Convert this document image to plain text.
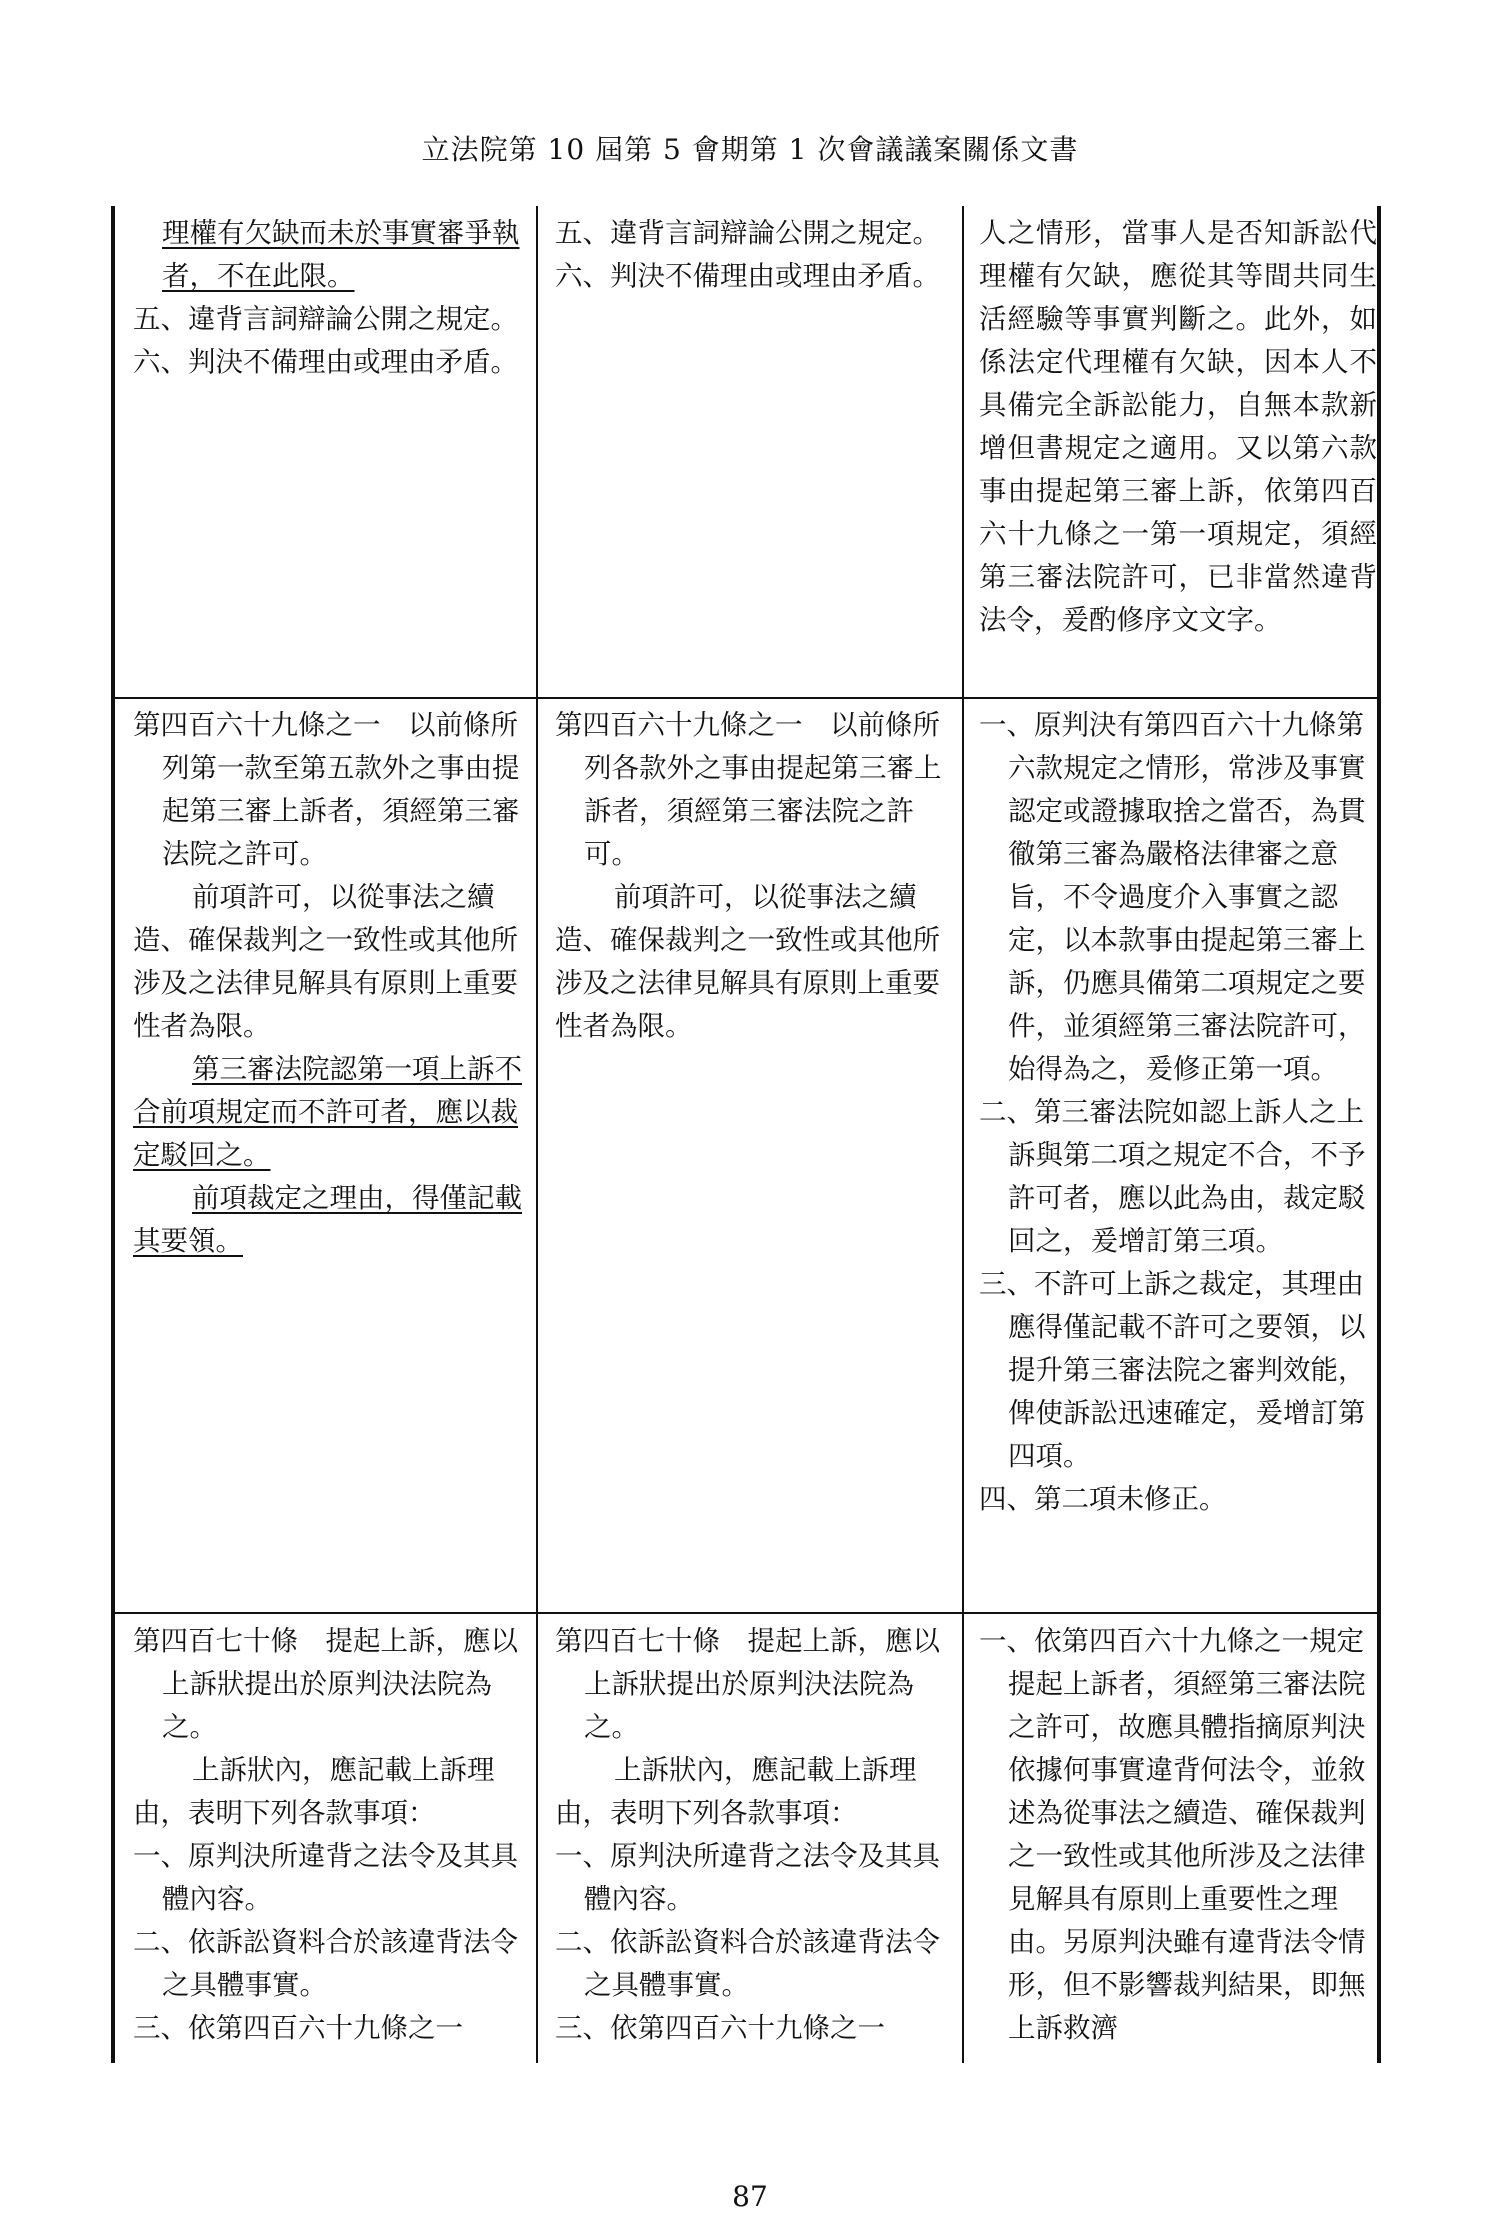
立法院第 10 屆第 5 會期第 1 次會議議案關係文書

理權有欠缺而未於事實審爭執者，不在此限。

五、違背言詞辯論公開之規定。

六、判決不備理由或理由矛盾。

五、違背言詞辯論公開之規定。

六、判決不備理由或理由矛盾。

人之情形，當事人是否知訴訟代理權有欠缺，應從其等間共同生活經驗等事實判斷之。此外，如係法定代理權有欠缺，因本人不具備完全訴訟能力，自無本款新增但書規定之適用。又以第六款事由提起第三審上訴，依第四百六十九條之一第一項規定，須經第三審法院許可，已非當然違背法令，爰酌修序文文字。

第四百六十九條之一　以前條所列第一款至第五款外之事由提起第三審上訴者，須經第三審法院之許可。

前項許可，以從事法之續造、確保裁判之一致性或其他所涉及之法律見解具有原則上重要性者為限。

第三審法院認第一項上訴不合前項規定而不許可者，應以裁定駁回之。

前項裁定之理由，得僅記載其要領。

第四百六十九條之一　以前條所列各款外之事由提起第三審上訴者，須經第三審法院之許可。

前項許可，以從事法之續造、確保裁判之一致性或其他所涉及之法律見解具有原則上重要性者為限。

一、原判決有第四百六十九條第六款規定之情形，常涉及事實認定或證據取捨之當否，為貫徹第三審為嚴格法律審之意旨，不令過度介入事實之認定，以本款事由提起第三審上訴，仍應具備第二項規定之要件，並須經第三審法院許可，始得為之，爰修正第一項。

二、第三審法院如認上訴人之上訴與第二項之規定不合，不予許可者，應以此為由，裁定駁回之，爰增訂第三項。

三、不許可上訴之裁定，其理由應得僅記載不許可之要領，以提升第三審法院之審判效能，俾使訴訟迅速確定，爰增訂第四項。

四、第二項未修正。

第四百七十條　提起上訴，應以上訴狀提出於原判決法院為之。

上訴狀內，應記載上訴理由，表明下列各款事項：

一、原判決所違背之法令及其具體內容。

二、依訴訟資料合於該違背法令之具體事實。

三、依第四百六十九條之一

第四百七十條　提起上訴，應以上訴狀提出於原判決法院為之。

上訴狀內，應記載上訴理由，表明下列各款事項：

一、原判決所違背之法令及其具體內容。

二、依訴訟資料合於該違背法令之具體事實。

三、依第四百六十九條之一

一、依第四百六十九條之一規定提起上訴者，須經第三審法院之許可，故應具體指摘原判決依據何事實違背何法令，並敘述為從事法之續造、確保裁判之一致性或其他所涉及之法律見解具有原則上重要性之理由。另原判決雖有違背法令情形，但不影響裁判結果，即無上訴救濟

87
